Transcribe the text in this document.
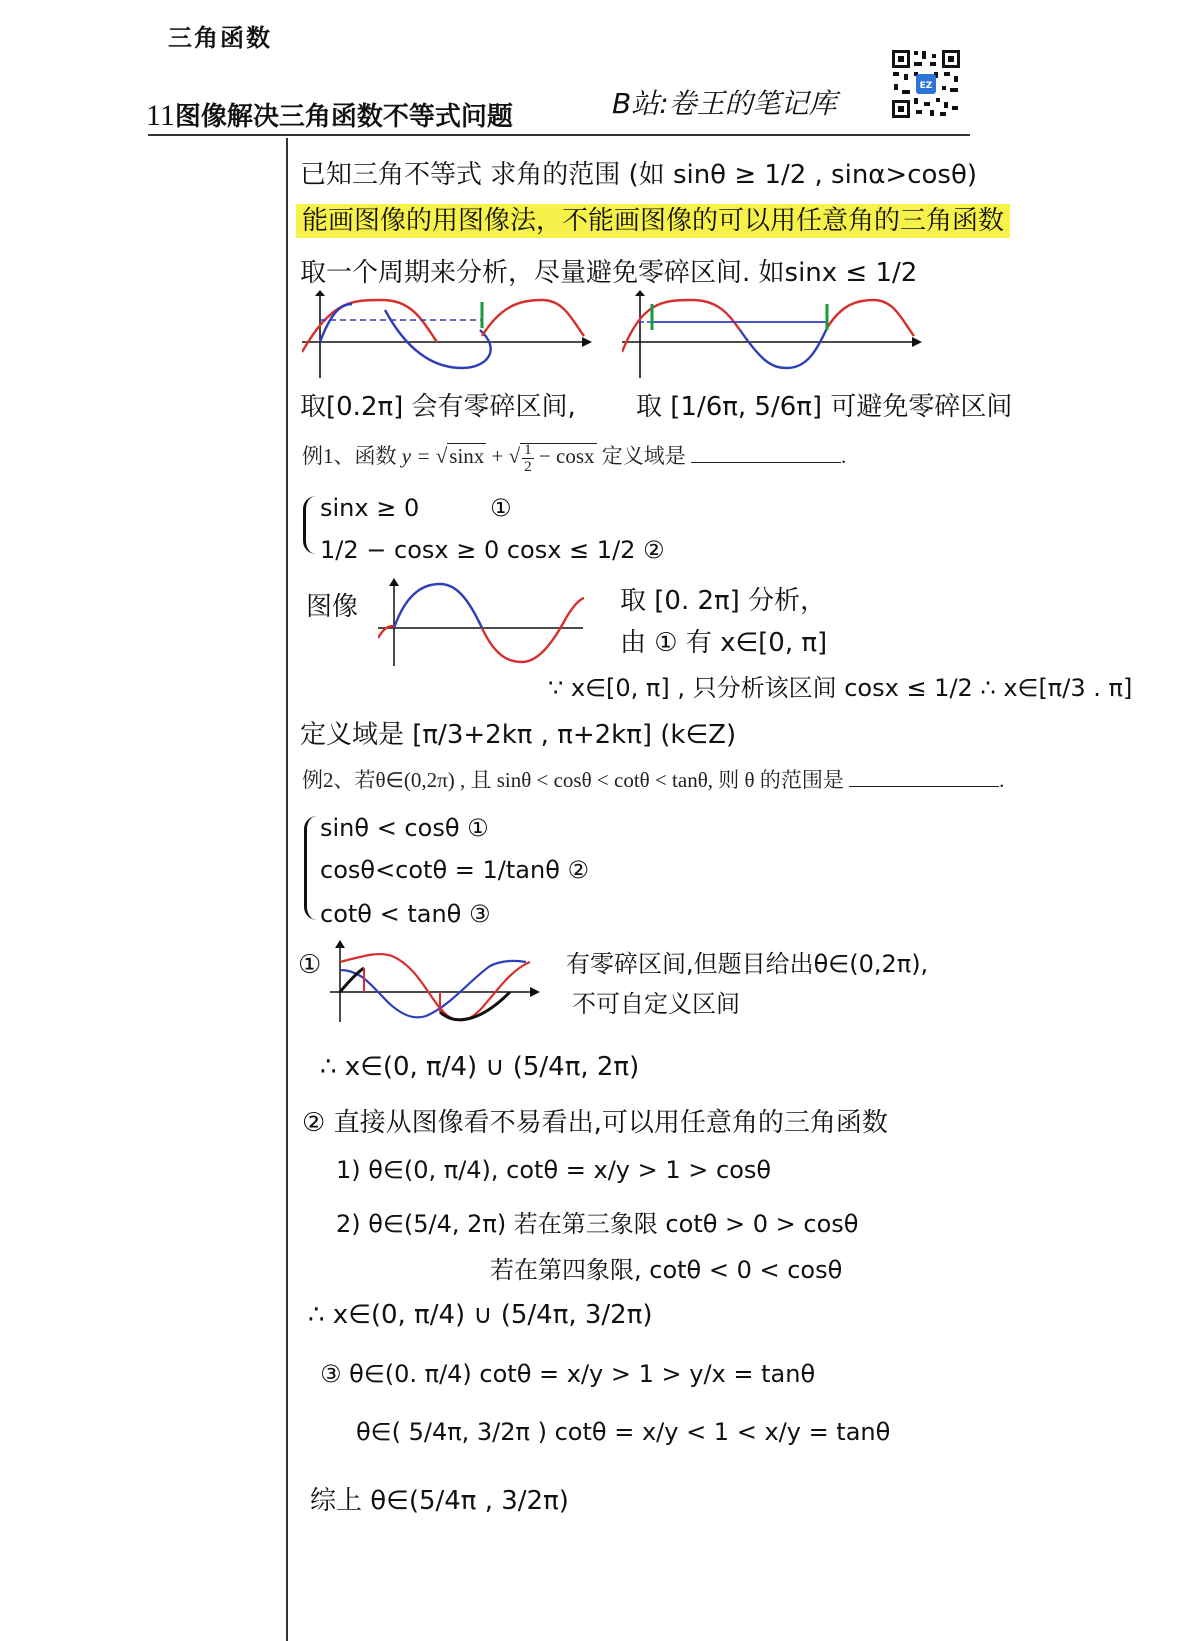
三角函数
11图像解决三角函数不等式问题	B站:卷王的笔记库
EZ
已知三角不等式 求角的范围 (如 sinθ ≥ 1/2 , sinα>cosθ)
能画图像的用图像法，不能画图像的可以用任意角的三角函数
取一个周期来分析，尽量避免零碎区间. 如sinx ≤ 1/2
取[0.2π] 会有零碎区间, 取 [1/6π, 5/6π] 可避免零碎区间
例1、函数 y = √sinx + √ $\frac{1}{2} - \cos x$ 定义域是	.
sinx ≥ 0	①
1/2 − cosx ≥ 0 cosx ≤ 1/2 ②
图像	取 [0. 2π] 分析，
由 ① 有 x∈[0, π]
∵ x∈[0, π] , 只分析该区间 cosx ≤ 1/2 ∴ x∈[π/3 . π]
定义域是 [π/3+2kπ , π+2kπ] (k∈Z)
例2、若θ∈(0,2π) , 且 sinθ < cosθ < cotθ < tanθ, 则 θ 的范围是	.
sinθ < cosθ ①
cosθ<cotθ = 1/tanθ ②
cotθ < tanθ ③
①	有零碎区间,但题目给出θ∈(0,2π),
不可自定义区间
∴ x∈(0, π/4) ∪ (5/4π, 2π)
② 直接从图像看不易看出,可以用任意角的三角函数
1) θ∈(0, π/4), cotθ = x/y > 1 > cosθ
2) θ∈(5/4, 2π) 若在第三象限 cotθ > 0 > cosθ
若在第四象限, cotθ < 0 < cosθ
∴ x∈(0, π/4) ∪ (5/4π, 3/2π)
③ θ∈(0. π/4) cotθ = x/y > 1 > y/x = tanθ
θ∈( 5/4π, 3/2π ) cotθ = x/y < 1 < x/y = tanθ
综上 θ∈(5/4π , 3/2π)
